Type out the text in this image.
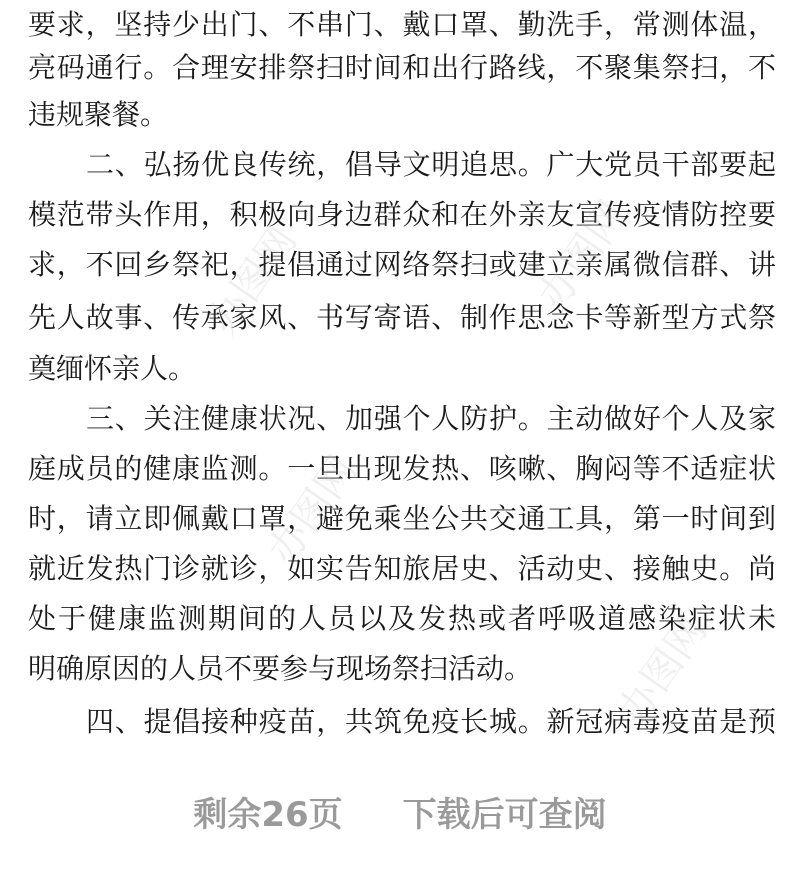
要求，坚持少出门、不串门、戴口罩、勤洗手，常测体温，
亮码通行。合理安排祭扫时间和出行路线，不聚集祭扫，不
违规聚餐。
二、弘扬优良传统，倡导文明追思。广大党员干部要起
模范带头作用，积极向身边群众和在外亲友宣传疫情防控要
求，不回乡祭祀，提倡通过网络祭扫或建立亲属微信群、讲
先人故事、传承家风、书写寄语、制作思念卡等新型方式祭
奠缅怀亲人。
三、关注健康状况、加强个人防护。主动做好个人及家
庭成员的健康监测。一旦出现发热、咳嗽、胸闷等不适症状
时，请立即佩戴口罩，避免乘坐公共交通工具，第一时间到
就近发热门诊就诊，如实告知旅居史、活动史、接触史。尚
处于健康监测期间的人员以及发热或者呼吸道感染症状未
明确原因的人员不要参与现场祭扫活动。
四、提倡接种疫苗，共筑免疫长城。新冠病毒疫苗是预
办图网	办图网
办图网
办图网
剩余26页 下载后可查阅
